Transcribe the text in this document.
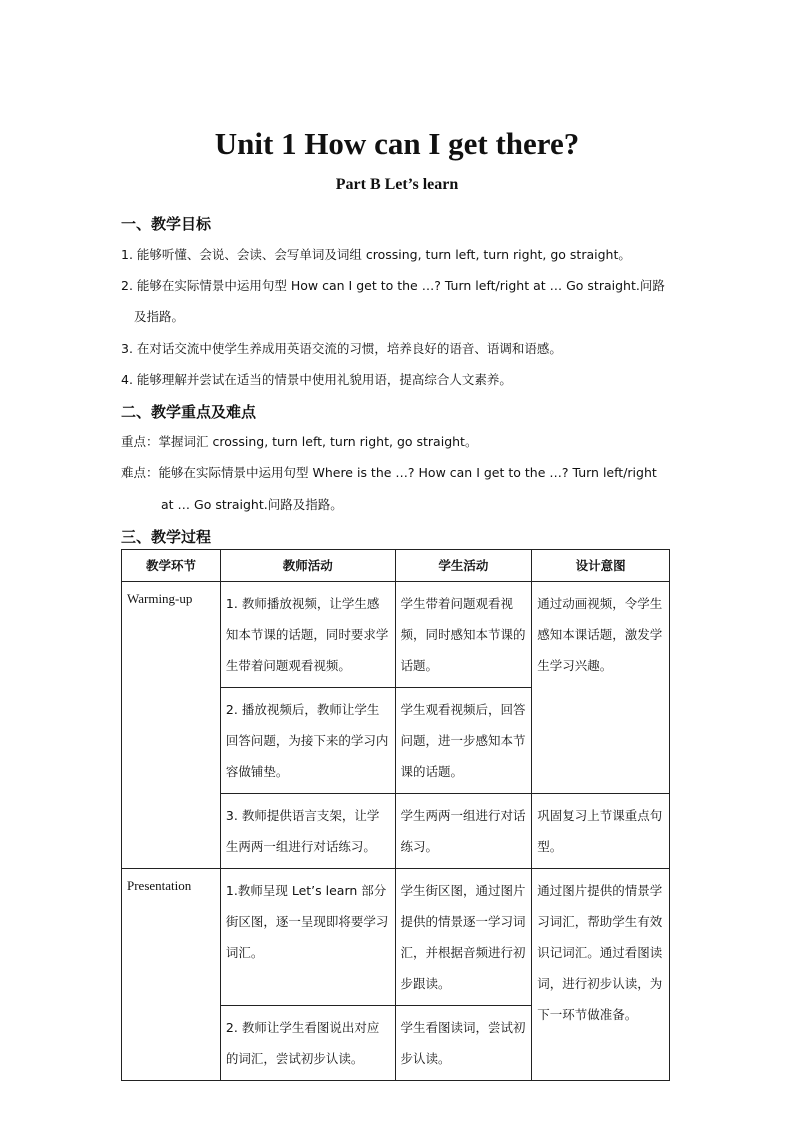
Unit 1 How can I get there?
Part B Let’s learn
一、教学目标
1. 能够听懂、会说、会读、会写单词及词组 crossing, turn left, turn right, go straight。
2. 能够在实际情景中运用句型 How can I get to the …? Turn left/right at … Go straight.问路
及指路。
3. 在对话交流中使学生养成用英语交流的习惯，培养良好的语音、语调和语感。
4. 能够理解并尝试在适当的情景中使用礼貌用语，提高综合人文素养。
二、教学重点及难点
重点：掌握词汇 crossing, turn left, turn right, go straight。
难点：能够在实际情景中运用句型 Where is the …? How can I get to the …? Turn left/right
at … Go straight.问路及指路。
三、教学过程
教学环节	教师活动	学生活动	设计意图
Warming-up	1. 教师播放视频，让学生感知本节课的话题，同时要求学生带着问题观看视频。	学生带着问题观看视频，同时感知本节课的话题。	通过动画视频，令学生感知本课话题，激发学生学习兴趣。
	2. 播放视频后，教师让学生回答问题，为接下来的学习内容做铺垫。	学生观看视频后，回答问题，进一步感知本节课的话题。	
	3. 教师提供语言支架，让学生两两一组进行对话练习。	学生两两一组进行对话练习。	巩固复习上节课重点句型。
Presentation	1.教师呈现 Let’s learn 部分街区图，逐一呈现即将要学习词汇。	学生街区图，通过图片提供的情景逐一学习词汇，并根据音频进行初步跟读。	通过图片提供的情景学习词汇，帮助学生有效识记词汇。通过看图读词，进行初步认读，为下一环节做准备。
	2. 教师让学生看图说出对应的词汇，尝试初步认读。	学生看图读词，尝试初步认读。	
